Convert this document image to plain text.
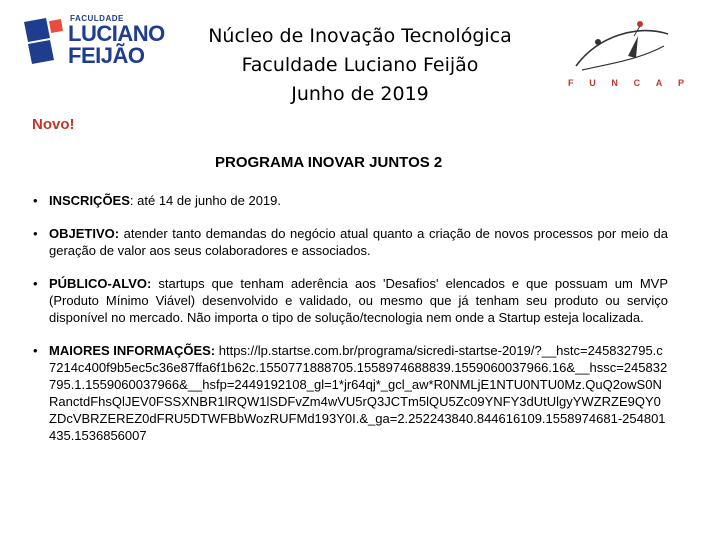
FACULDADE
LUCIANO
FEIJÃO
Núcleo de Inovação Tecnológica
Faculdade Luciano Feijão
Junho de 2019	F U N C A P
Novo!
PROGRAMA INOVAR JUNTOS 2
• INSCRIÇÕES: até 14 de junho de 2019.
• OBJETIVO: atender tanto demandas do negócio atual quanto a criação de novos processos por meio da geração de valor aos seus colaboradores e associados.
• PÚBLICO-ALVO: startups que tenham aderência aos 'Desafios' elencados e que possuam um MVP (Produto Mínimo Viável) desenvolvido e validado, ou mesmo que já tenham seu produto ou serviço disponível no mercado. Não importa o tipo de solução/tecnologia nem onde a Startup esteja localizada.
• MAIORES INFORMAÇÕES: https://lp.startse.com.br/programa/sicredi-startse-2019/?__hstc=245832795.c7214c400f9b5ec5c36e87ffa6f1b62c.1550771888705.1558974688839.1559060037966.16&__hssc=245832795.1.1559060037966&__hsfp=2449192108_gl=1*jr64qj*_gcl_aw*R0NMLjE1NTU0NTU0Mz.QuQ2owS0NRanctdFhsQlJEV0FSSXNBR1lRQW1lSDFvZm4wVU5rQ3JCTm5lQU5Zc09YNFY3dUtUlgyYWZRZE9QY0ZDcVBRZEREZ0dFRU5DTWFBbWozRUFMd193Y0I.&_ga=2.252243840.844616109.1558974681-254801435.1536856007
